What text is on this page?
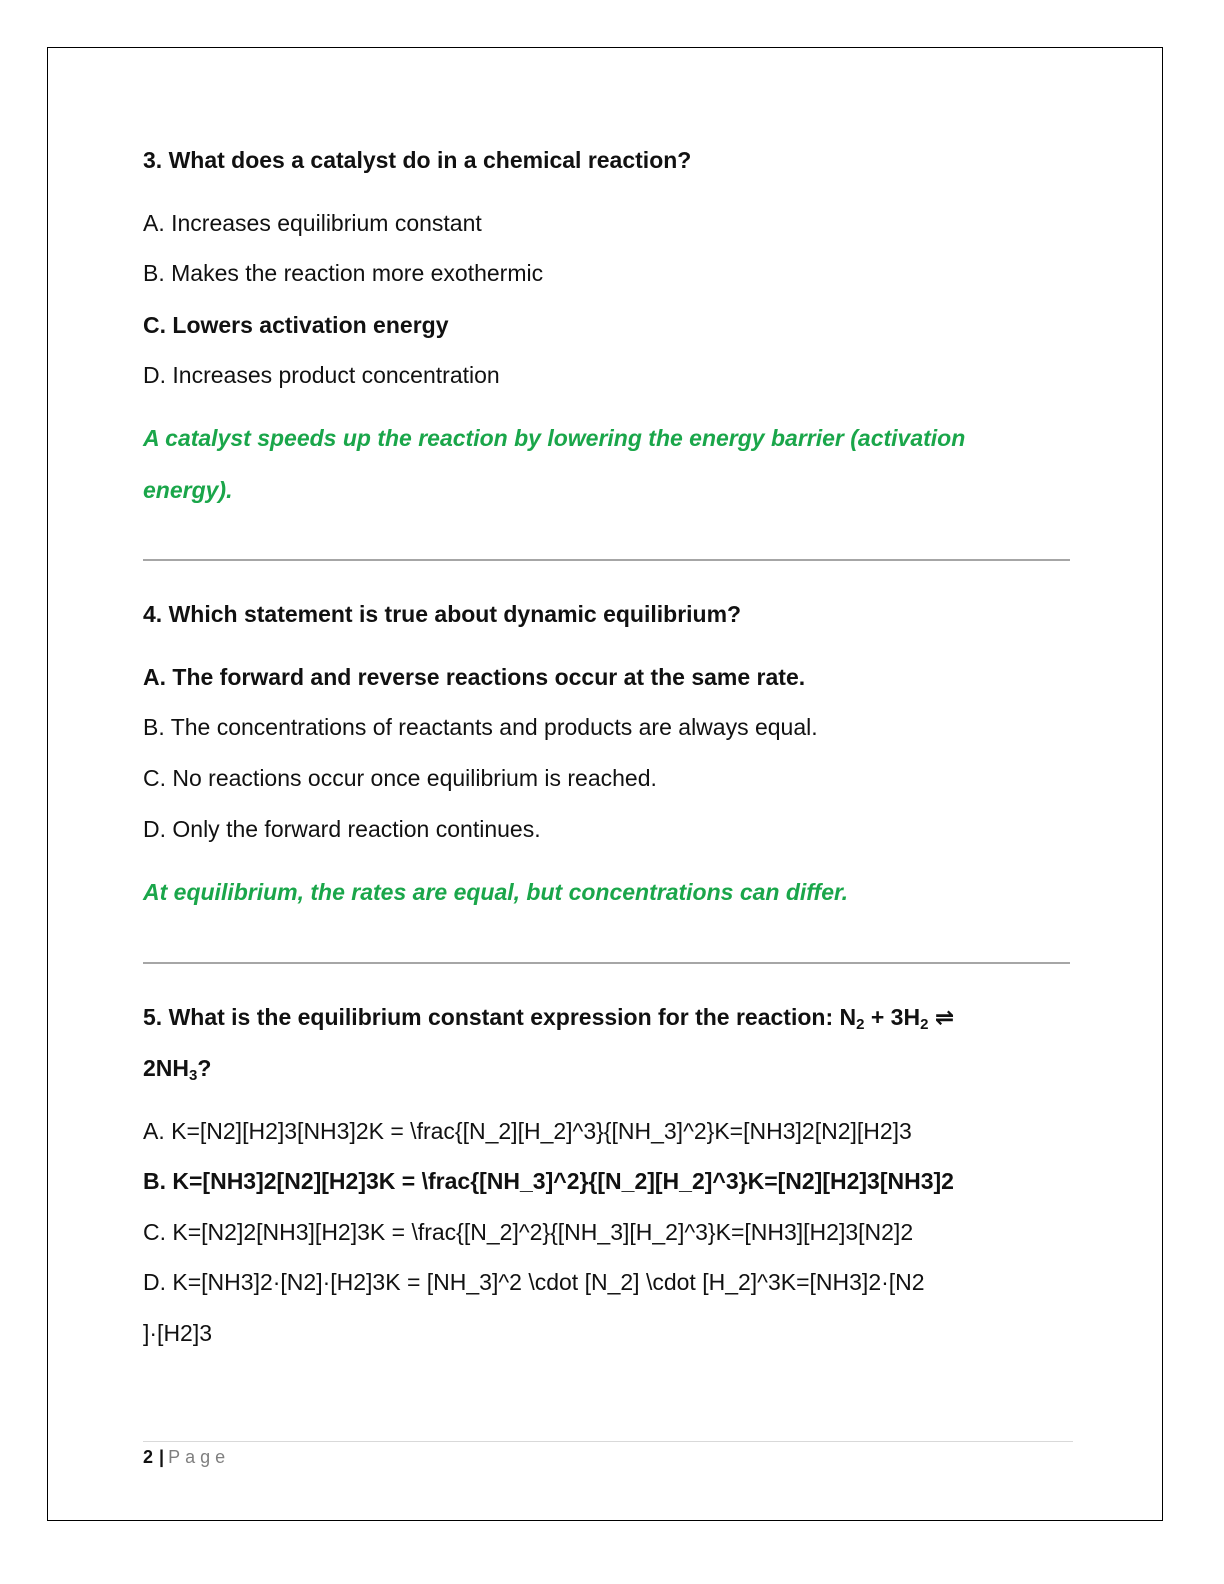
3. What does a catalyst do in a chemical reaction?
A. Increases equilibrium constant
B. Makes the reaction more exothermic
C. Lowers activation energy
D. Increases product concentration
A catalyst speeds up the reaction by lowering the energy barrier (activation
energy).
4. Which statement is true about dynamic equilibrium?
A. The forward and reverse reactions occur at the same rate.
B. The concentrations of reactants and products are always equal.
C. No reactions occur once equilibrium is reached.
D. Only the forward reaction continues.
At equilibrium, the rates are equal, but concentrations can differ.
5. What is the equilibrium constant expression for the reaction: $N_2 + 3H_2$ ⇌
$2NH_3$?
A. K=[N2][H2]3[NH3]2K = \frac{[N_2][H_2]^3}{[NH_3]^2}K=[NH3]2[N2][H2]3
B. K=[NH3]2[N2][H2]3K = \frac{[NH_3]^2}{[N_2][H_2]^3}K=[N2][H2]3[NH3]2
C. K=[N2]2[NH3][H2]3K = \frac{[N_2]^2}{[NH_3][H_2]^3}K=[NH3][H2]3[N2]2
D. K=[NH3]2·[N2]·[H2]3K = [NH_3]^2 \cdot [N_2] \cdot [H_2]^3K=[NH3]2·[N2
]·[H2]3
2 | Page
